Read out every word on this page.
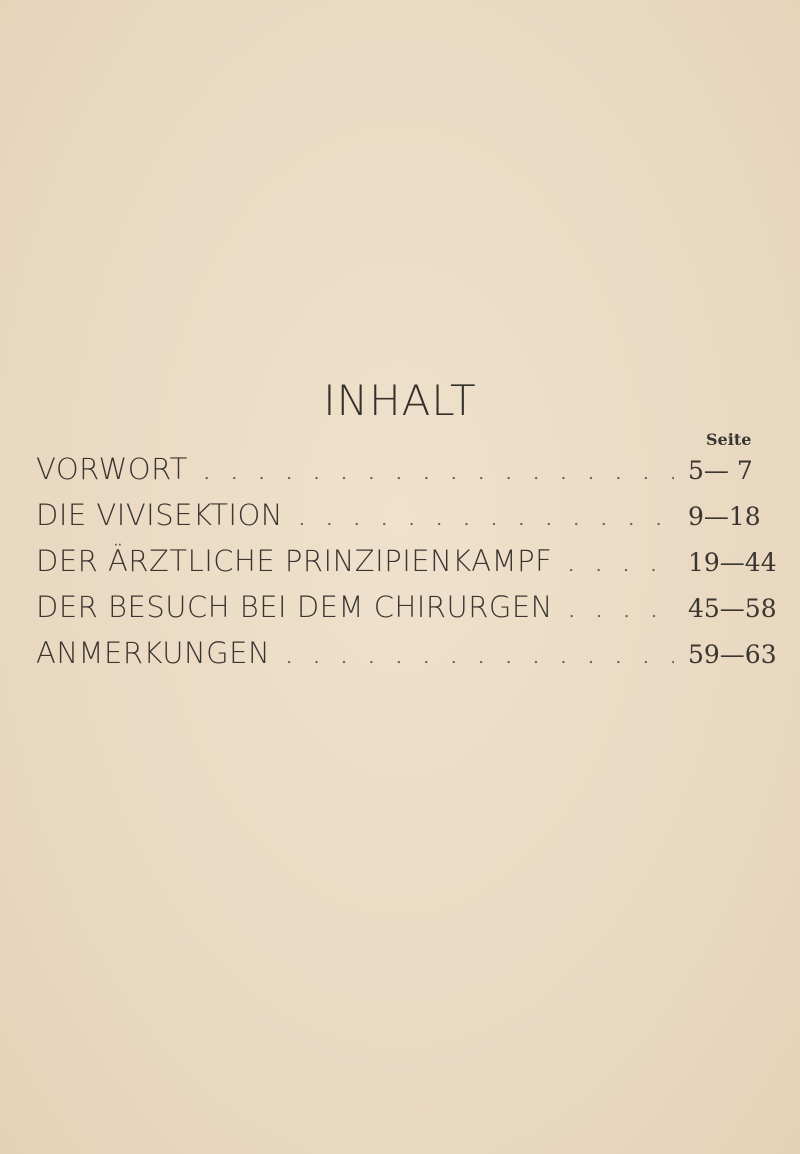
INHALT
Seite
VORWORT . . .	5— 7
DIE VIVISEKTION . . .	9—18
DER ÄRZTLICHE PRINZIPIENKAMPF . . .	19—44
DER BESUCH BEI DEM CHIRURGEN . . .	45—58
ANMERKUNGEN . . .	59—63
